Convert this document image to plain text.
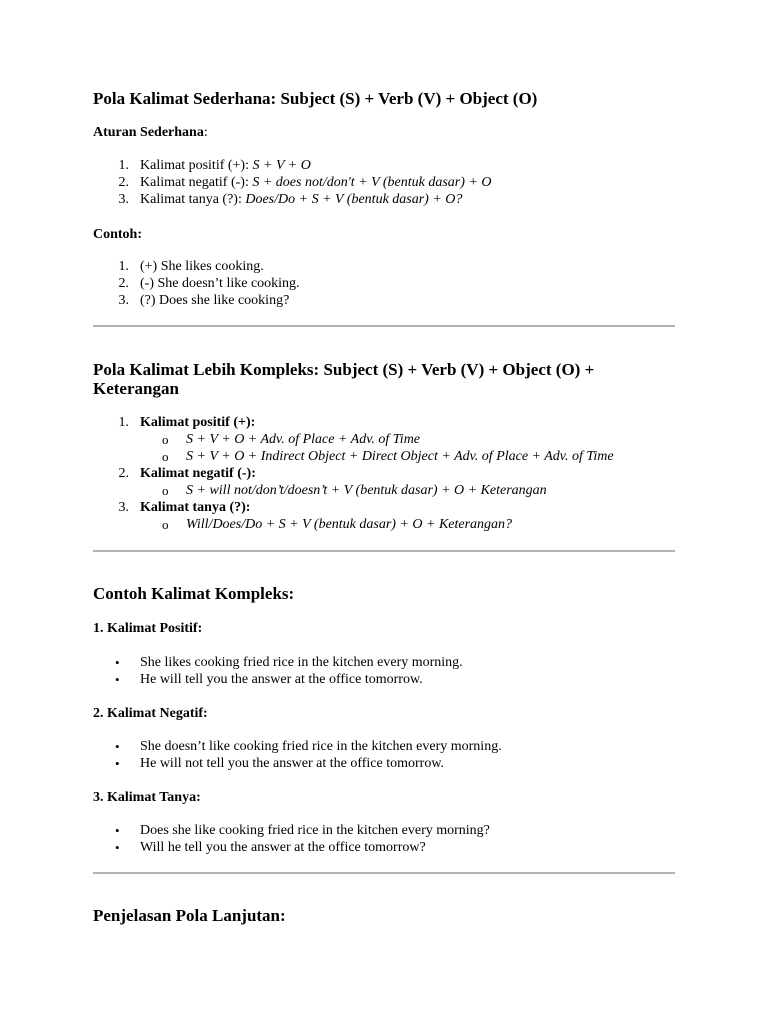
Pola Kalimat Sederhana: Subject (S) + Verb (V) + Object (O)
Aturan Sederhana:
1. Kalimat positif (+): S + V + O
2. Kalimat negatif (-): S + does not/don't + V (bentuk dasar) + O
3. Kalimat tanya (?): Does/Do + S + V (bentuk dasar) + O?
Contoh:
1. (+) She likes cooking.
2. (-) She doesn’t like cooking.
3. (?) Does she like cooking?
Pola Kalimat Lebih Kompleks: Subject (S) + Verb (V) + Object (O) +
Keterangan
1. Kalimat positif (+):
o S + V + O + Adv. of Place + Adv. of Time
o S + V + O + Indirect Object + Direct Object + Adv. of Place + Adv. of Time
2. Kalimat negatif (-):
o S + will not/don’t/doesn’t + V (bentuk dasar) + O + Keterangan
3. Kalimat tanya (?):
o Will/Does/Do + S + V (bentuk dasar) + O + Keterangan?
Contoh Kalimat Kompleks:
1. Kalimat Positif:
• She likes cooking fried rice in the kitchen every morning.
• He will tell you the answer at the office tomorrow.
2. Kalimat Negatif:
• She doesn’t like cooking fried rice in the kitchen every morning.
• He will not tell you the answer at the office tomorrow.
3. Kalimat Tanya:
• Does she like cooking fried rice in the kitchen every morning?
• Will he tell you the answer at the office tomorrow?
Penjelasan Pola Lanjutan:
